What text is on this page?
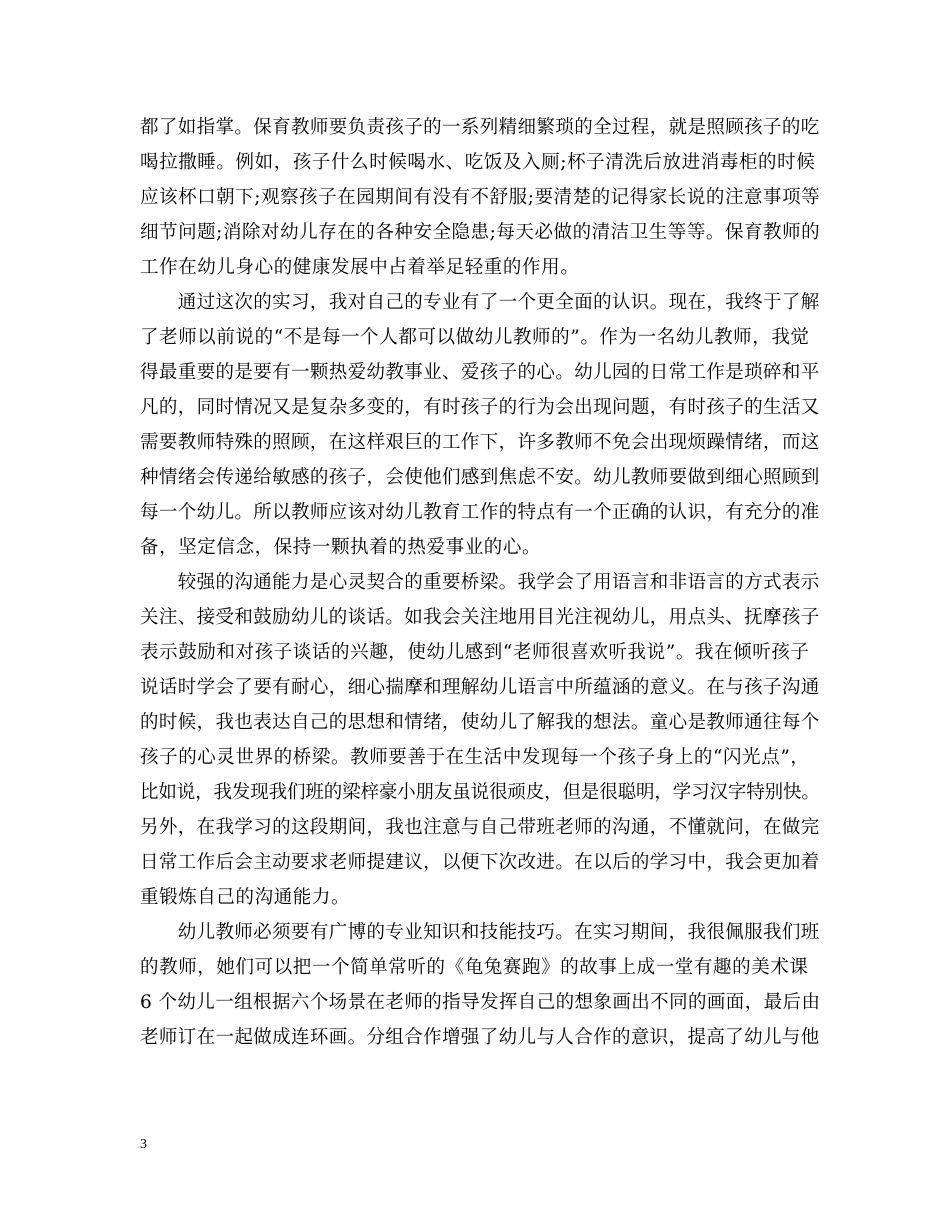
都了如指掌。保育教师要负责孩子的一系列精细繁琐的全过程，就是照顾孩子的吃
喝拉撒睡。例如，孩子什么时候喝水、吃饭及入厕;杯子清洗后放进消毒柜的时候
应该杯口朝下;观察孩子在园期间有没有不舒服;要清楚的记得家长说的注意事项等
细节问题;消除对幼儿存在的各种安全隐患;每天必做的清洁卫生等等。保育教师的
工作在幼儿身心的健康发展中占着举足轻重的作用。
　　通过这次的实习，我对自己的专业有了一个更全面的认识。现在，我终于了解
了老师以前说的“不是每一个人都可以做幼儿教师的”。作为一名幼儿教师，我觉
得最重要的是要有一颗热爱幼教事业、爱孩子的心。幼儿园的日常工作是琐碎和平
凡的，同时情况又是复杂多变的，有时孩子的行为会出现问题，有时孩子的生活又
需要教师特殊的照顾，在这样艰巨的工作下，许多教师不免会出现烦躁情绪，而这
种情绪会传递给敏感的孩子，会使他们感到焦虑不安。幼儿教师要做到细心照顾到
每一个幼儿。所以教师应该对幼儿教育工作的特点有一个正确的认识，有充分的准
备，坚定信念，保持一颗执着的热爱事业的心。
　　较强的沟通能力是心灵契合的重要桥梁。我学会了用语言和非语言的方式表示
关注、接受和鼓励幼儿的谈话。如我会关注地用目光注视幼儿，用点头、抚摩孩子
表示鼓励和对孩子谈话的兴趣，使幼儿感到“老师很喜欢听我说”。我在倾听孩子
说话时学会了要有耐心，细心揣摩和理解幼儿语言中所蕴涵的意义。在与孩子沟通
的时候，我也表达自己的思想和情绪，使幼儿了解我的想法。童心是教师通往每个
孩子的心灵世界的桥梁。教师要善于在生活中发现每一个孩子身上的“闪光点”，
比如说，我发现我们班的梁梓豪小朋友虽说很顽皮，但是很聪明，学习汉字特别快。
另外，在我学习的这段期间，我也注意与自己带班老师的沟通，不懂就问，在做完
日常工作后会主动要求老师提建议，以便下次改进。在以后的学习中，我会更加着
重锻炼自己的沟通能力。
　　幼儿教师必须要有广博的专业知识和技能技巧。在实习期间，我很佩服我们班
的教师，她们可以把一个简单常听的《龟兔赛跑》的故事上成一堂有趣的美术课
6 个幼儿一组根据六个场景在老师的指导发挥自己的想象画出不同的画面，最后由
老师订在一起做成连环画。分组合作增强了幼儿与人合作的意识，提高了幼儿与他
3
